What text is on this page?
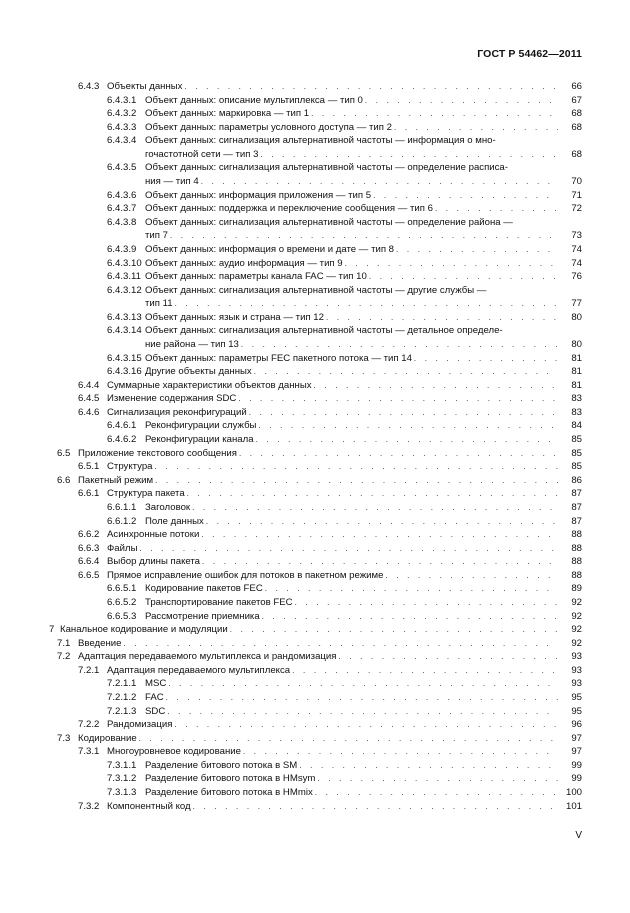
ГОСТ Р 54462—2011
6.4.3 Объекты данных . . .	66
6.4.3.1 Объект данных: описание мультиплекса — тип 0 . . .	67
6.4.3.2 Объект данных: маркировка — тип 1 . . .	68
6.4.3.3 Объект данных: параметры условного доступа — тип 2 . . .	68
6.4.3.4 Объект данных: сигнализация альтернативной частоты — информация о мно-
гочастотной сети — тип 3 . . .	68
6.4.3.5 Объект данных: сигнализация альтернативной частоты — определение расписа-
ния — тип 4 . . .	70
6.4.3.6 Объект данных: информация приложения — тип 5 . . .	71
6.4.3.7 Объект данных: поддержка и переключение сообщения — тип 6 . . .	72
6.4.3.8 Объект данных: сигнализация альтернативной частоты — определение района —
тип 7 . . .	73
6.4.3.9 Объект данных: информация о времени и дате — тип 8 . . .	74
6.4.3.10 Объект данных: аудио информация — тип 9 . . .	74
6.4.3.11 Объект данных: параметры канала FAC — тип 10 . . .	76
6.4.3.12 Объект данных: сигнализация альтернативной частоты — другие службы —
тип 11 . . .	77
6.4.3.13 Объект данных: язык и страна — тип 12 . . .	80
6.4.3.14 Объект данных: сигнализация альтернативной частоты — детальное определе-
ние района — тип 13 . . .	80
6.4.3.15 Объект данных: параметры FEC пакетного потока — тип 14 . . .	81
6.4.3.16 Другие объекты данных . . .	81
6.4.4 Суммарные характеристики объектов данных . . .	81
6.4.5 Изменение содержания SDC . . .	83
6.4.6 Сигнализация реконфигураций . . .	83
6.4.6.1 Реконфигурации службы . . .	84
6.4.6.2 Реконфигурации канала . . .	85
6.5 Приложение текстового сообщения . . .	85
6.5.1 Структура . . .	85
6.6 Пакетный режим . . .	86
6.6.1 Структура пакета . . .	87
6.6.1.1 Заголовок . . .	87
6.6.1.2 Поле данных . . .	87
6.6.2 Асинхронные потоки . . .	88
6.6.3 Файлы . . .	88
6.6.4 Выбор длины пакета . . .	88
6.6.5 Прямое исправление ошибок для потоков в пакетном режиме . . .	88
6.6.5.1 Кодирование пакетов FEC . . .	89
6.6.5.2 Транспортирование пакетов FEC . . .	92
6.6.5.3 Рассмотрение приемника . . .	92
7 Канальное кодирование и модуляции . . .	92
7.1 Введение . . .	92
7.2 Адаптация передаваемого мультиплекса и рандомизация . . .	93
7.2.1 Адаптация передаваемого мультиплекса . . .	93
7.2.1.1 MSC . . .	93
7.2.1.2 FAC . . .	95
7.2.1.3 SDC . . .	95
7.2.2 Рандомизация . . .	96
7.3 Кодирование . . .	97
7.3.1 Многоуровневое кодирование . . .	97
7.3.1.1 Разделение битового потока в SM . . .	99
7.3.1.2 Разделение битового потока в HMsym . . .	99
7.3.1.3 Разделение битового потока в HMmix . . .	100
7.3.2 Компонентный код . . .	101
V
